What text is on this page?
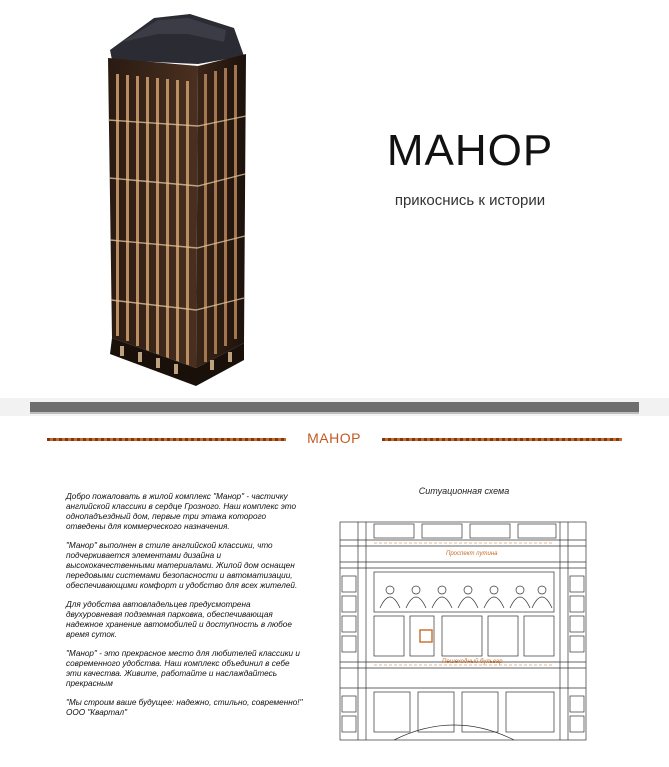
МАНОР
прикоснись к истории
МАНОР

Добро пожаловать в жилой комплекс "Манор" - частичку английской классики в сердце Грозного. Наш комплекс это однопадъездный дом, первые три этажа которого отведены для коммерческого назначения.

"Манор" выполнен в стиле английской классики, что подчеркивается элементами дизайна и высококачественными материалами. Жилой дом оснащен передовыми системами безопасности и автоматизации, обеспечивающими комфорт и удобство для всех жителей.

Для удобства автовладельцев предусмотрена двухуровневая подземная парковка, обеспечивающая надежное хранение автомобилей и доступность в любое время суток.

"Манор" - это прекрасное место для любителей классики и современного удобства. Наш комплекс объединил в себе эти качества. Живите, работайте и наслаждайтесь прекрасным

"Мы строим ваше будущее: надежно, стильно, современно!" ООО "Квартал"

Ситуационная схема
Проспект путина
Пешеходный бульвар
